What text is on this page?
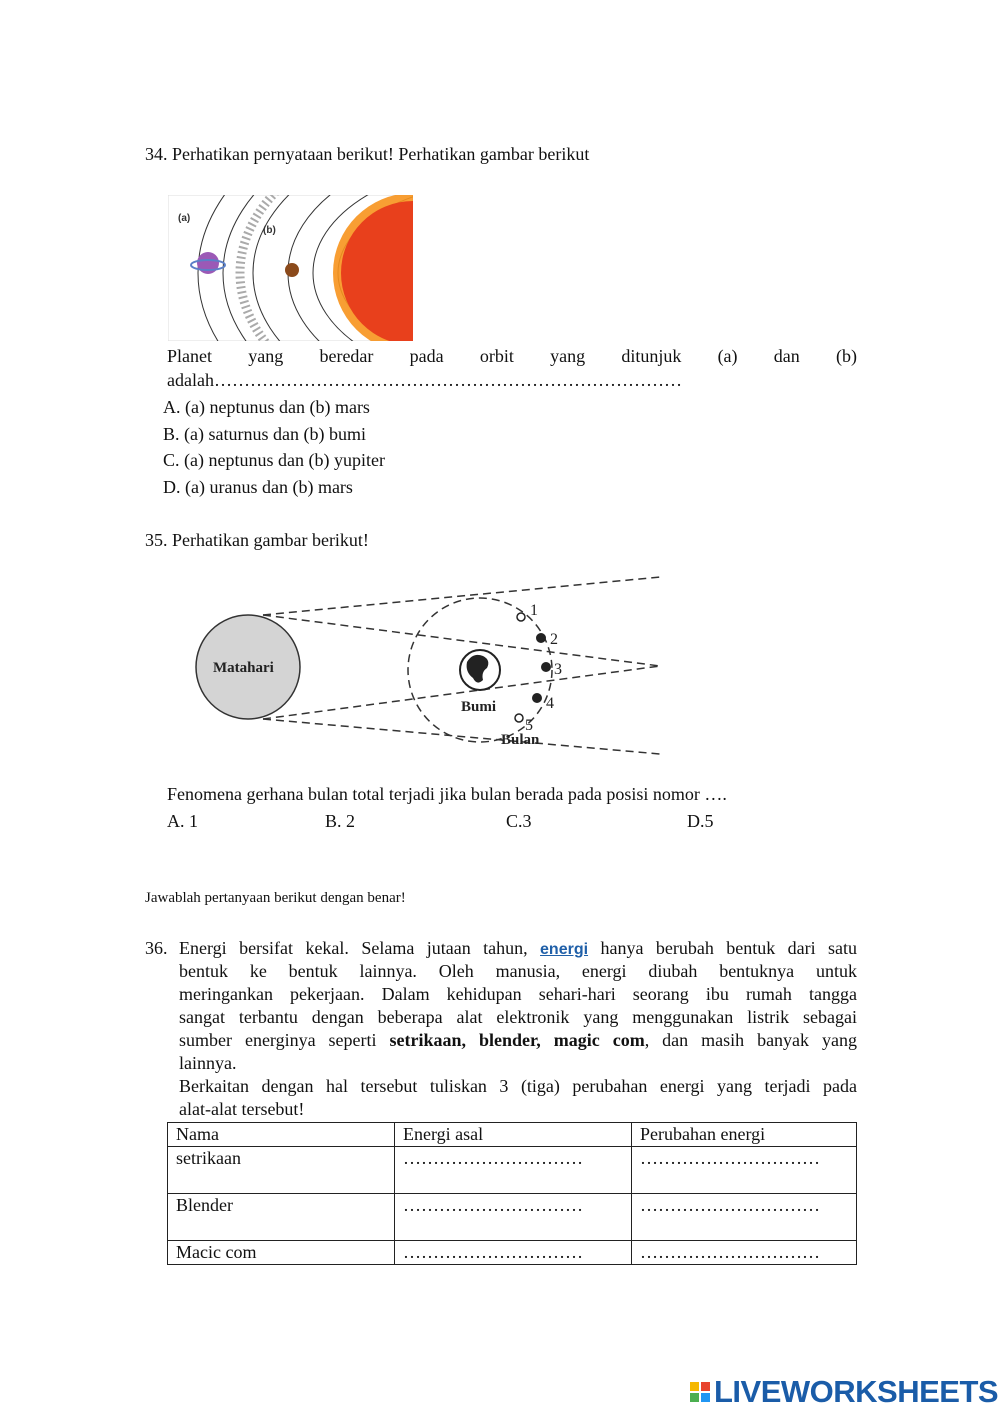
34. Perhatikan pernyataan berikut! Perhatikan gambar berikut
(a)
(b)
Planet yang beredar pada orbit yang ditunjuk (a) dan (b)
adalah……………………………………………………………………
A. (a) neptunus dan (b) mars
B. (a) saturnus dan (b) bumi
C. (a) neptunus dan (b) yupiter
D. (a) uranus dan (b) mars
35. Perhatikan gambar berikut!
Matahari
Bumi
Bulan
1
2
3
4
5
Fenomena gerhana bulan total terjadi jika bulan berada pada posisi nomor ….
A. 1	B. 2	C.3	D.5
Jawablah pertanyaan berikut dengan benar!
36. Energi bersifat kekal. Selama jutaan tahun, energi hanya berubah bentuk dari satu
bentuk ke bentuk lainnya. Oleh manusia, energi diubah bentuknya untuk
meringankan pekerjaan. Dalam kehidupan sehari-hari seorang ibu rumah tangga
sangat terbantu dengan beberapa alat elektronik yang menggunakan listrik sebagai
sumber energinya seperti setrikaan, blender, magic com, dan masih banyak yang
lainnya.
Berkaitan dengan hal tersebut tuliskan 3 (tiga) perubahan energi yang terjadi pada
alat-alat tersebut!
Nama	Energi asal	Perubahan energi
setrikaan	…………………………	…………………………
Blender	…………………………	…………………………
Macic com	…………………………	…………………………
LIVEWORKSHEETS
